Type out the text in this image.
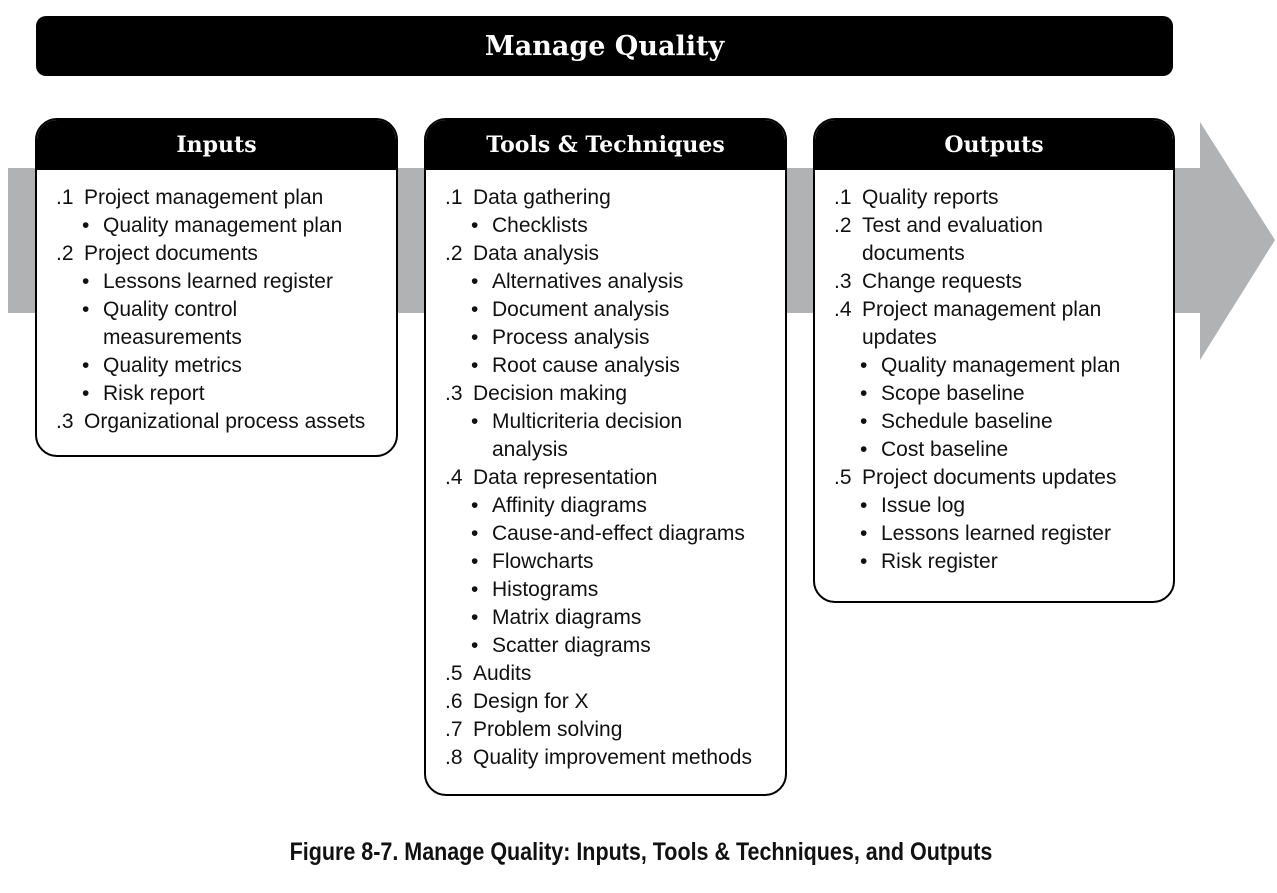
Manage Quality
Inputs
.1 Project management plan
• Quality management plan
.2 Project documents
• Lessons learned register
• Quality control
measurements
• Quality metrics
• Risk report
.3 Organizational process assets
Tools & Techniques
.1 Data gathering
• Checklists
.2 Data analysis
• Alternatives analysis
• Document analysis
• Process analysis
• Root cause analysis
.3 Decision making
• Multicriteria decision
analysis
.4 Data representation
• Affinity diagrams
• Cause-and-effect diagrams
• Flowcharts
• Histograms
• Matrix diagrams
• Scatter diagrams
.5 Audits
.6 Design for X
.7 Problem solving
.8 Quality improvement methods
Outputs
.1 Quality reports
.2 Test and evaluation
documents
.3 Change requests
.4 Project management plan
updates
• Quality management plan
• Scope baseline
• Schedule baseline
• Cost baseline
.5 Project documents updates
• Issue log
• Lessons learned register
• Risk register
Figure 8-7. Manage Quality: Inputs, Tools & Techniques, and Outputs
